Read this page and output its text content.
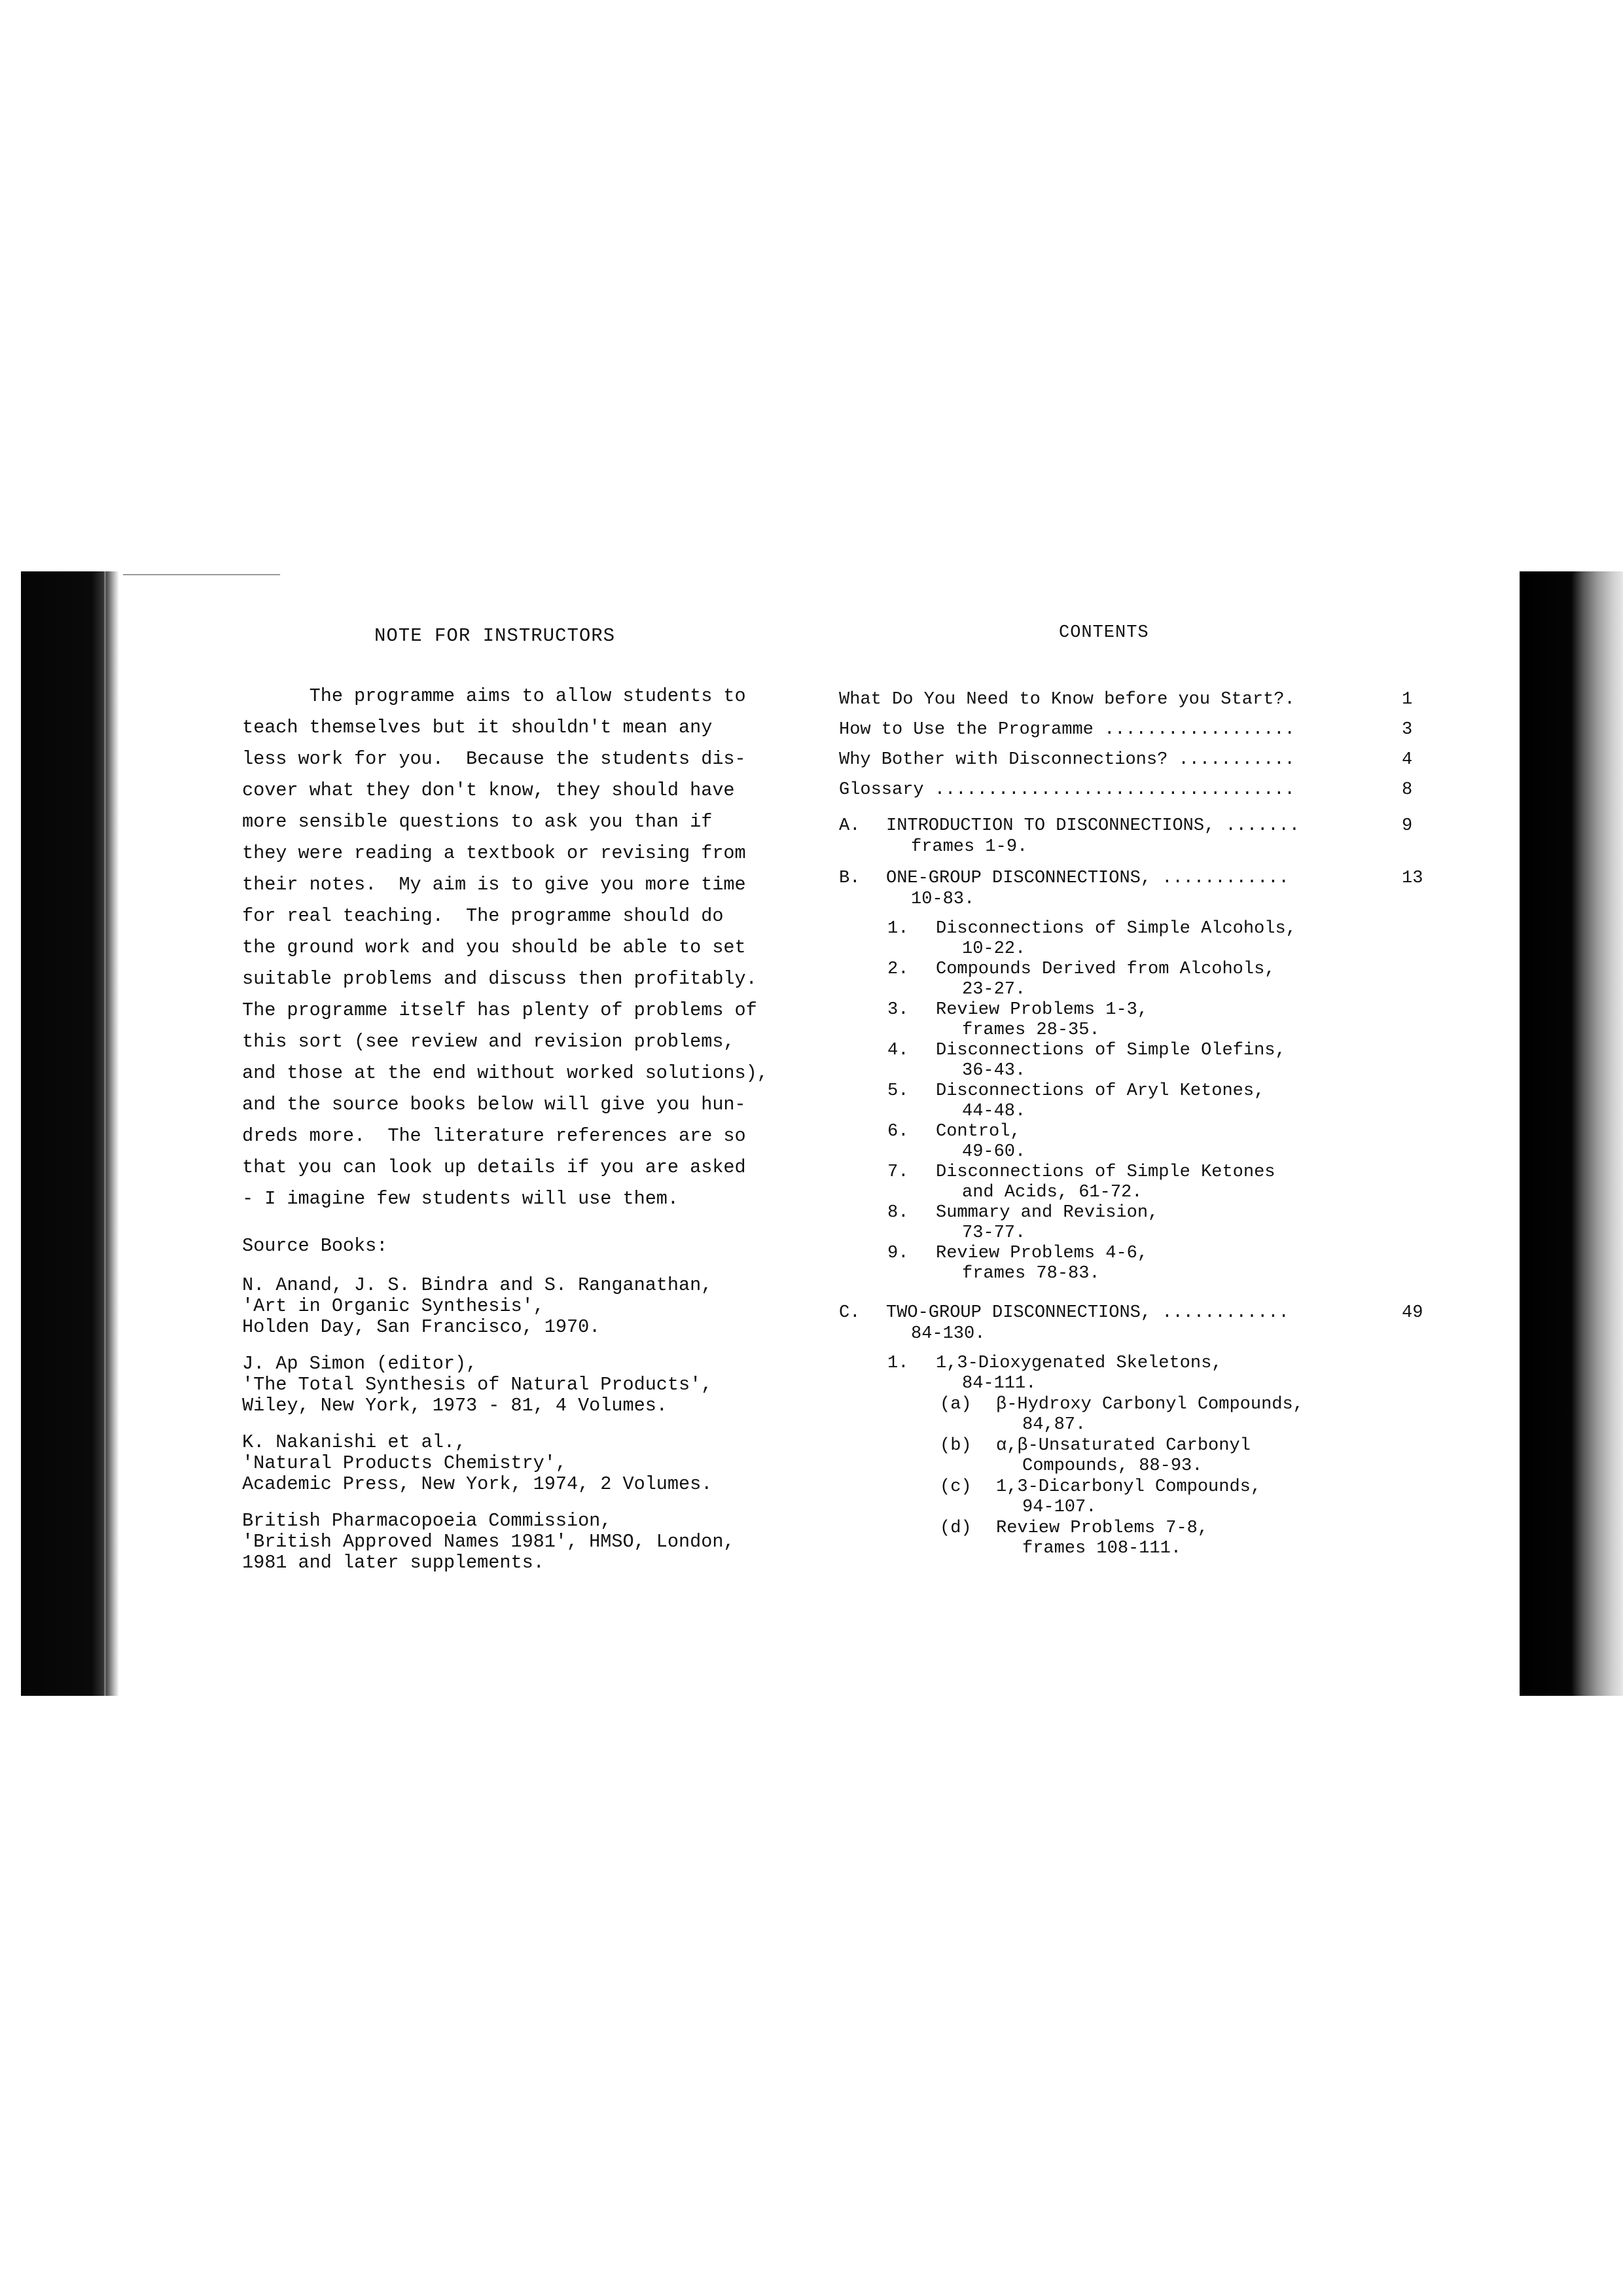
NOTE FOR INSTRUCTORS	CONTENTS

The programme aims to allow students to

teach themselves but it shouldn't mean any

less work for you.  Because the students dis-

cover what they don't know, they should have

more sensible questions to ask you than if

they were reading a textbook or revising from

their notes.  My aim is to give you more time

for real teaching.  The programme should do

the ground work and you should be able to set

suitable problems and discuss then profitably.

The programme itself has plenty of problems of

this sort (see review and revision problems,

and those at the end without worked solutions),

and the source books below will give you hun-

dreds more.  The literature references are so

that you can look up details if you are asked

- I imagine few students will use them.

Source Books:
N. Anand, J. S. Bindra and S. Ranganathan,
'Art in Organic Synthesis',
Holden Day, San Francisco, 1970.
J. Ap Simon (editor),
'The Total Synthesis of Natural Products',
Wiley, New York, 1973 - 81, 4 Volumes.
K. Nakanishi et al.,
'Natural Products Chemistry',
Academic Press, New York, 1974, 2 Volumes.
British Pharmacopoeia Commission,
'British Approved Names 1981', HMSO, London,
1981 and later supplements.
What Do You Need to Know before you Start?.	1
How to Use the Programme ..................	3
Why Bother with Disconnections? ...........	4
Glossary ..................................	8
A. INTRODUCTION TO DISCONNECTIONS, .......	9
frames 1-9.
B. ONE-GROUP DISCONNECTIONS, ............	13
10-83.
1. Disconnections of Simple Alcohols,
10-22.
2. Compounds Derived from Alcohols,
23-27.
3. Review Problems 1-3,
frames 28-35.
4. Disconnections of Simple Olefins,
36-43.
5. Disconnections of Aryl Ketones,
44-48.
6. Control,
49-60.
7. Disconnections of Simple Ketones
and Acids, 61-72.
8. Summary and Revision,
73-77.
9. Review Problems 4-6,
frames 78-83.
C. TWO-GROUP DISCONNECTIONS, ............	49
84-130.
1. 1,3-Dioxygenated Skeletons,
84-111.
(a) β-Hydroxy Carbonyl Compounds,
84,87.
(b) α,β-Unsaturated Carbonyl
Compounds, 88-93.
(c) 1,3-Dicarbonyl Compounds,
94-107.
(d) Review Problems 7-8,
frames 108-111.
